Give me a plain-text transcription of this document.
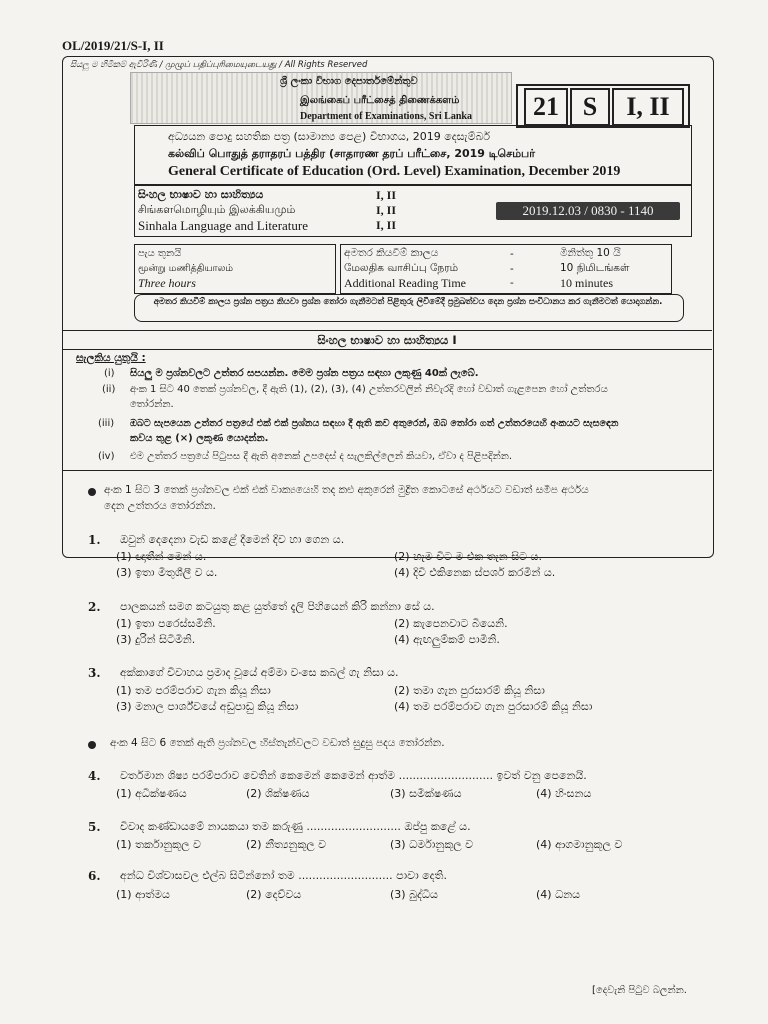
OL/2019/21/S-I, II
සියලු ම හිමිකම් ඇවිරිණි / முழுப் பதிப்புரிமையுடையது / All Rights Reserved
ශ්‍රී ලංකා විභාග දෙපාර්තමේන්තුව
இலங்கைப் பரீட்சைத் திணைக்களம்
Department of Examinations, Sri Lanka	21 S	I, II
අධ්‍යයන පොදු සහතික පත්‍ර (සාමාන්‍ය පෙළ) විභාගය, 2019 දෙසැම්බර්
கல்விப் பொதுத் தராதரப் பத்திர (சாதாரண தரப் பரீட்சை, 2019 டிசெம்பர்
General Certificate of Education (Ord. Level) Examination, December 2019
සිංහල භාෂාව හා සාහිත්‍යය	I, II
சிங்களமொழியும் இலக்கியமும்	I, II
Sinhala Language and Literature	I, II
2019.12.03 / 0830 - 1140
පැය තුනයි
மூன்று மணித்தியாலம்
Three hours
අමතර කියවීම් කාලය	-	මිනිත්තු 10 යි
மேலதிக வாசிப்பு நேரம்	-	10 நிமிடங்கள்
Additional Reading Time	-	10 minutes
අමතර කියවීම් කාලය ප්‍රශ්න පත්‍රය කියවා ප්‍රශ්න තෝරා ගැනීමටත් පිළිතුරු ලිවීමේදී ප්‍රමුඛත්වය දෙන ප්‍රශ්න සංවිධානය කර ගැනීමටත් යොදාගන්න.
සිංහල භාෂාව හා සාහිත්‍යය I
සැලකිය යුතුයි :
(i) සියලු ම ප්‍රශ්නවලට උත්තර සපයන්න. මෙම ප්‍රශ්න පත්‍රය සඳහා ලකුණු 40ක් ලැබේ.
(ii) අංක 1 සිට 40 තෙක් ප්‍රශ්නවල, දී ඇති (1), (2), (3), (4) උත්තරවලින් නිවැරදි හෝ වඩාත් ගැළපෙන හෝ උත්තරය
තෝරන්න.
(iii) ඔබට සැපයෙන උත්තර පත්‍රයේ එක් එක් ප්‍රශ්නය සඳහා දී ඇති කව අතුරෙන්, ඔබ තෝරා ගත් උත්තරයෙහි අංකයට සැසඳෙන
කවය තුළ (×) ලකුණ යොදන්න.
(iv) එම උත්තර පත්‍රයේ පිටුපස දී ඇති අනෙක් උපදෙස් ද සැලකිල්ලෙන් කියවා, ඒවා ද පිළිපදින්න.
අංක 1 සිට 3 තෙක් ප්‍රශ්නවල එක් එක් වාක්‍යයෙහි තද කළු අකුරෙන් මුද්‍රිත කොටසේ අර්ථයට වඩාත් සමීප අර්ථය
දෙන උත්තරය තෝරන්න.
1. ඔවුන් දෙදෙනා වැඩ කළේ දීමෙන් දිව හා ගෙන ය.
(1) ඥාතීන් මෙන් ය.	(2) හැම විට ම එක තැන සිට ය.
(3) ඉතා මිතුශීලී ව ය.	(4) දිවි එකිනෙක ස්පර්ශ කරමින් ය.
2. පාලකයන් සමග කටයුතු කළ යුත්තේ දැලි පිහියෙන් කිරි කන්නා සේ ය.
(1) ඉතා පරෙස්සමිනි.	(2) කැපෙනවාට බියෙනි.
(3) දුරින් සිටිමිනි.	(4) ඇඟලුම්කම් පාමිනි.
3. අක්කාගේ විවාහය ප්‍රමාද වූයේ අම්මා වංසෙ කබල් ගැ නිසා ය.
(1) තම පරම්පරාව ගැන කියූ නිසා	(2) තමා ගැන පුරසාරම් කියූ නිසා
(3) මනාල පාර්ශ්වයේ අඩුපාඩු කියූ නිසා	(4) තම පරම්පරාව ගැන පුරසාරම් කියූ නිසා
අංක 4 සිට 6 තෙක් ඇති ප්‍රශ්නවල හිස්තැන්වලට වඩාත් සුදුසු පදය තෝරන්න.
4. වර්තමාන ශිෂ්‍ය පරම්පරාව වෙතින් කෙමෙන් කෙමෙන් ආත්ම ........................... ඉවත් වනු පෙනෙයි.
(1) අධීක්ෂණය	(2) ශික්ෂණය	(3) සමීක්ෂණය	(4) හිංසනය
5. විවාද කණ්ඩායමේ නායකයා තම කරුණු ........................... ඔප්පු කළේ ය.
(1) තර්කානුකූල ව	(2) නීත්‍යනුකූල ව	(3) ධර්මානුකූල ව	(4) ආගමානුකූල ව
6. අන්ධ විශ්වාසවල එල්බ සිටින්නෝ තම ........................... පාවා දෙති.
(1) ආත්මය	(2) දෙව්වය	(3) බුද්ධිය	(4) ධනය
[දෙවැනි පිටුව බලන්න.
